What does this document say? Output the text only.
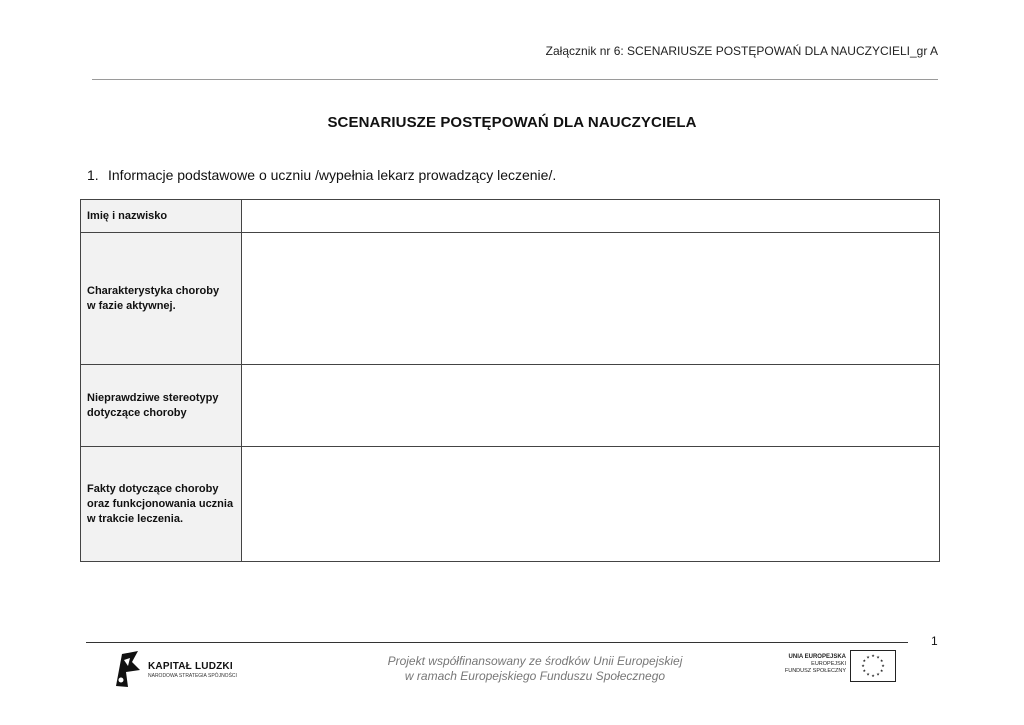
Załącznik nr 6: SCENARIUSZE POSTĘPOWAŃ DLA NAUCZYCIELI_gr A
SCENARIUSZE POSTĘPOWAŃ DLA NAUCZYCIELA
1. Informacje podstawowe o uczniu /wypełnia lekarz prowadzący leczenie/.
Imię i nazwisko	

Charakterystyka choroby
w fazie aktywnej.	

Nieprawdziwe stereotypy
dotyczące choroby	

Fakty dotyczące choroby
oraz funkcjonowania ucznia
w trakcie leczenia.	

1
KAPITAŁ LUDZKI
NARODOWA STRATEGIA SPÓJNOŚCI
Projekt współfinansowany ze środków Unii Europejskiej
w ramach Europejskiego Funduszu Społecznego
UNIA EUROPEJSKA
EUROPEJSKI
FUNDUSZ SPOŁECZNY
★ ★
★
★
★
★
★
★
★
★
★
★
